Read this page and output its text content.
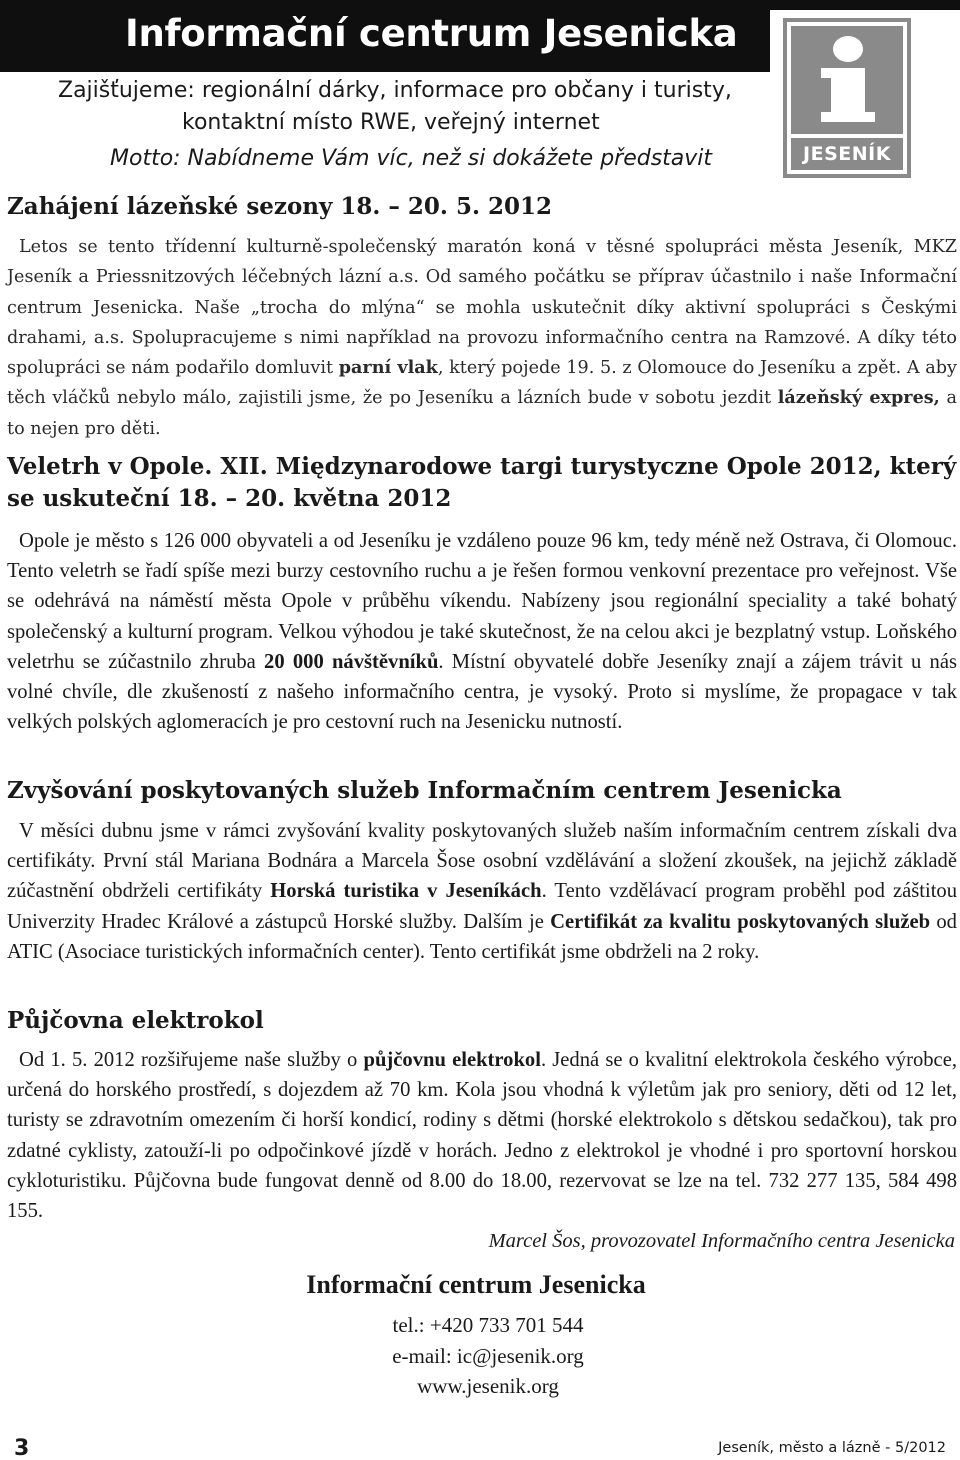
Informační centrum Jesenicka
Zajišťujeme: regionální dárky, informace pro občany i turisty,
kontaktní místo RWE, veřejný internet
Motto: Nabídneme Vám víc, než si dokážete představit	JESENÍK
Zahájení lázeňské sezony 18. – 20. 5. 2012
Letos se tento třídenní kulturně-společenský maratón koná v těsné spolupráci města Jeseník, MKZ Jeseník a Priessnitzových léčebných lázní a.s. Od samého počátku se příprav účastnilo i naše Informační centrum Jesenicka. Naše „trocha do mlýna“ se mohla uskutečnit díky aktivní spolupráci s Českými drahami, a.s. Spolupracujeme s nimi například na provozu informačního centra na Ramzové. A díky této spolupráci se nám podařilo domluvit parní vlak, který pojede 19. 5. z Olomouce do Jeseníku a zpět. A aby těch vláčků nebylo málo, zajistili jsme, že po Jeseníku a lázních bude v sobotu jezdit lázeňský expres, a to nejen pro děti.
Veletrh v Opole. XII. Międzynarodowe targi turystyczne Opole 2012, který
se uskuteční 18. – 20. května 2012
Opole je město s 126 000 obyvateli a od Jeseníku je vzdáleno pouze 96 km, tedy méně než Ostrava, či Olomouc. Tento veletrh se řadí spíše mezi burzy cestovního ruchu a je řešen formou venkovní prezentace pro veřejnost. Vše se odehrává na náměstí města Opole v průběhu víkendu. Nabízeny jsou regionální speciality a také bohatý společenský a kulturní program. Velkou výhodou je také skutečnost, že na celou akci je bezplatný vstup. Loňského veletrhu se zúčastnilo zhruba 20 000 návštěvníků. Místní obyvatelé dobře Jeseníky znají a zájem trávit u nás volné chvíle, dle zkušeností z našeho informačního centra, je vysoký. Proto si myslíme, že propagace v tak velkých polských aglomeracích je pro cestovní ruch na Jesenicku nutností.
Zvyšování poskytovaných služeb Informačním centrem Jesenicka
V měsíci dubnu jsme v rámci zvyšování kvality poskytovaných služeb naším informačním centrem získali dva certifikáty. První stál Mariana Bodnára a Marcela Šose osobní vzdělávání a složení zkoušek, na jejichž základě zúčastnění obdrželi certifikáty Horská turistika v Jeseníkách. Tento vzdělávací program proběhl pod záštitou Univerzity Hradec Králové a zástupců Horské služby. Dalším je Certifikát za kvalitu poskytovaných služeb od ATIC (Asociace turistických informačních center). Tento certifikát jsme obdrželi na 2 roky.
Půjčovna elektrokol
Od 1. 5. 2012 rozšiřujeme naše služby o půjčovnu elektrokol. Jedná se o kvalitní elektrokola českého výrobce, určená do horského prostředí, s dojezdem až 70 km. Kola jsou vhodná k výletům jak pro seniory, děti od 12 let, turisty se zdravotním omezením či horší kondicí, rodiny s dětmi (horské elektrokolo s dětskou sedačkou), tak pro zdatné cyklisty, zatouží-li po odpočinkové jízdě v horách. Jedno z elektrokol je vhodné i pro sportovní horskou cykloturistiku. Půjčovna bude fungovat denně od 8.00 do 18.00, rezervovat se lze na tel. 732 277 135, 584 498 155.
Marcel Šos, provozovatel Informačního centra Jesenicka
Informační centrum Jesenicka
tel.: +420 733 701 544
e-mail: ic@jesenik.org
www.jesenik.org
3	Jeseník, město a lázně - 5/2012
